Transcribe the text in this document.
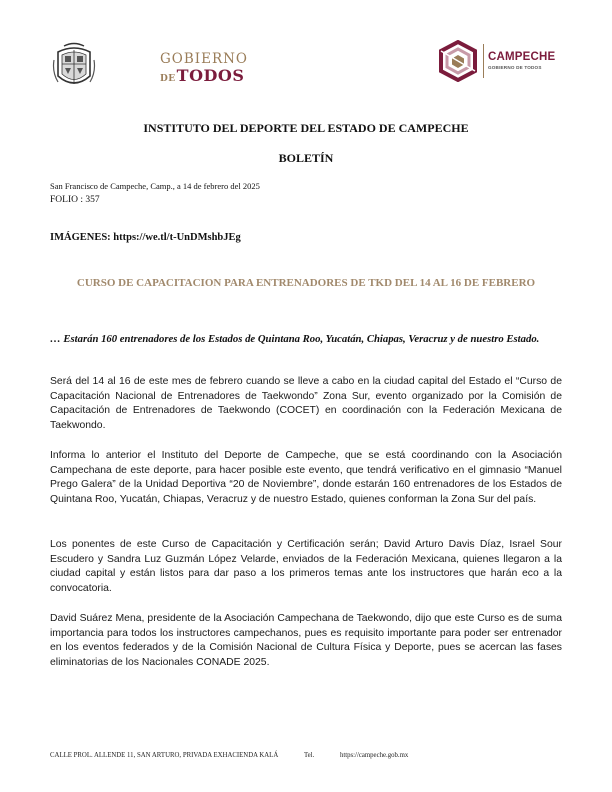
GOBIERNO
DETODOS
CAMPECHE
GOBIERNO DE TODOS
INSTITUTO DEL DEPORTE DEL ESTADO DE CAMPECHE
BOLETÍN
San Francisco de Campeche, Camp., a 14 de febrero del 2025
FOLIO : 357
IMÁGENES: https://we.tl/t-UnDMshbJEg
CURSO DE CAPACITACION PARA ENTRENADORES DE TKD DEL 14 AL 16 DE FEBRERO
… Estarán 160 entrenadores de los Estados de Quintana Roo, Yucatán, Chiapas, Veracruz y de nuestro Estado.
Será del 14 al 16 de este mes de febrero cuando se lleve a cabo en la ciudad capital del Estado el “Curso de Capacitación Nacional de Entrenadores de Taekwondo” Zona Sur, evento organizado por la Comisión de Capacitación de Entrenadores de Taekwondo (COCET) en coordinación con la Federación Mexicana de Taekwondo.
Informa lo anterior el Instituto del Deporte de Campeche, que se está coordinando con la Asociación Campechana de este deporte, para hacer posible este evento, que tendrá verificativo en el gimnasio “Manuel Prego Galera” de la Unidad Deportiva “20 de Noviembre”, donde estarán 160 entrenadores de los Estados de Quintana Roo, Yucatán, Chiapas, Veracruz y de nuestro Estado, quienes conforman la Zona Sur del país.
Los ponentes de este Curso de Capacitación y Certificación serán; David Arturo Davis Díaz, Israel Sour Escudero y Sandra Luz Guzmán López Velarde, enviados de la Federación Mexicana, quienes llegaron a la ciudad capital y están listos para dar paso a los primeros temas ante los instructores que harán eco a la convocatoria.
David Suárez Mena, presidente de la Asociación Campechana de Taekwondo, dijo que este Curso es de suma importancia para todos los instructores campechanos, pues es requisito importante para poder ser entrenador en los eventos federados y de la Comisión Nacional de Cultura Física y Deporte, pues se acercan las fases eliminatorias de los Nacionales CONADE 2025.
CALLE PROL. ALLENDE 11, SAN ARTURO, PRIVADA EXHACIENDA KALÁ	Tel.	https://campeche.gob.mx
